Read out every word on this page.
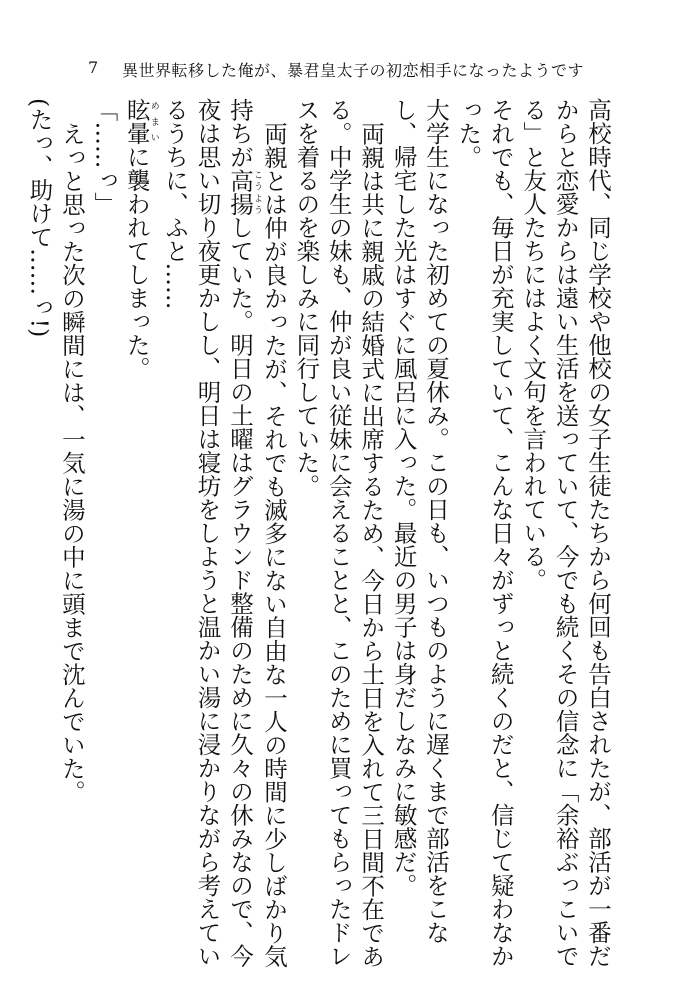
7 異世界転移した俺が、暴君皇太子の初恋相手になったようです

高校時代、同じ学校や他校の女子生徒たちから何回も告白されたが、部活が一番だからと恋愛からは遠い生活を送っていて、今でも続くその信念に「余裕ぶっこいでる」と友人たちにはよく文句を言われている。

それでも、毎日が充実していて、こんな日々がずっと続くのだと、信じて疑わなかった。

大学生になった初めての夏休み。この日も、いつものように遅くまで部活をこなし、帰宅した光はすぐに風呂に入った。最近の男子は身だしなみに敏感だ。

両親は共に親戚の結婚式に出席するため、今日から土日を入れて三日間不在である。中学生の妹も、仲が良い従妹に会えることと、このために買ってもらったドレスを着るのを楽しみに同行していた。

両親とは仲が良かったが、それでも滅多にない自由な一人の時間に少しばかり気持ちが高揚こうようしていた。明日の土曜はグラウンド整備のために久々の休みなので、今夜は思い切り夜更かしし、明日は寝坊をしようと温かい湯に浸かりながら考えているうちに、ふと……

眩暈めまいに襲われてしまった。

「……っ」

えっと思った次の瞬間には、一気に湯の中に頭まで沈んでいた。

(たっ、助けて……っ!)
